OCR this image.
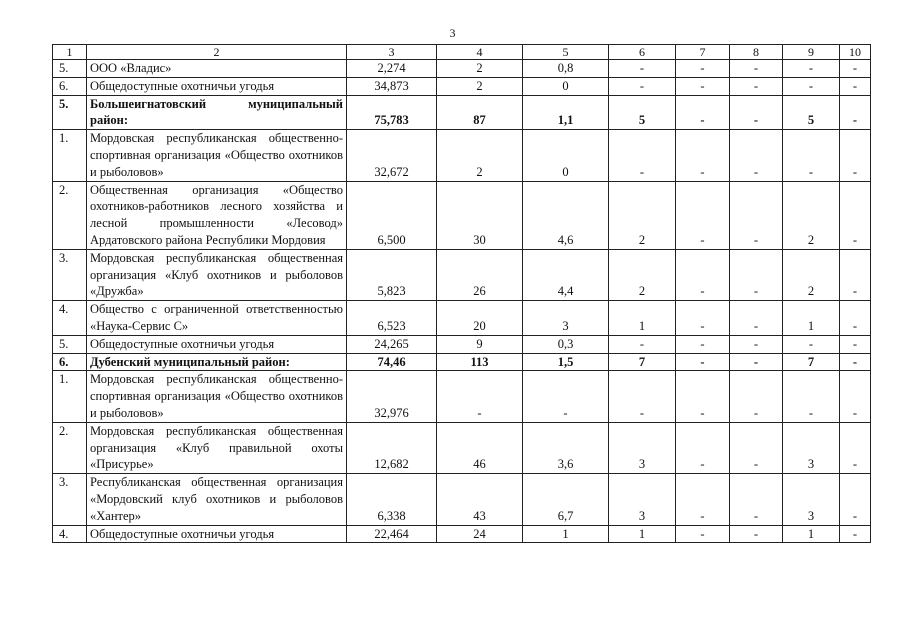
3
1	2	3	4	5	6	7	8	9	10
5.	ООО «Владис»	2,274	2	0,8	-	-	-	-	-
6.	Общедоступные охотничьи угодья	34,873	2	0	-	-	-	-	-
5.	Большеигнатовский муниципальный район:	75,783	87	1,1	5	-	-	5	-
1.	Мордовская республиканская общественно-спортивная организация «Общество охотников и рыболовов»	32,672	2	0	-	-	-	-	-
2.	Общественная организация «Общество охотников-работников лесного хозяйства и лесной промышленности «Лесовод» Ардатовского района Республики Мордовия	6,500	30	4,6	2	-	-	2	-
3.	Мордовская республиканская общественная организация «Клуб охотников и рыболовов «Дружба»	5,823	26	4,4	2	-	-	2	-
4.	Общество с ограниченной ответственностью «Наука-Сервис С»	6,523	20	3	1	-	-	1	-
5.	Общедоступные охотничьи угодья	24,265	9	0,3	-	-	-	-	-
6.	Дубенский муниципальный район:	74,46	113	1,5	7	-	-	7	-
1.	Мордовская республиканская общественно-спортивная организация «Общество охотников и рыболовов»	32,976	-	-	-	-	-	-	-
2.	Мордовская республиканская общественная организация «Клуб правильной охоты «Присурье»	12,682	46	3,6	3	-	-	3	-
3.	Республиканская общественная организация «Мордовский клуб охотников и рыболовов «Хантер»	6,338	43	6,7	3	-	-	3	-
4.	Общедоступные охотничьи угодья	22,464	24	1	1	-	-	1	-
